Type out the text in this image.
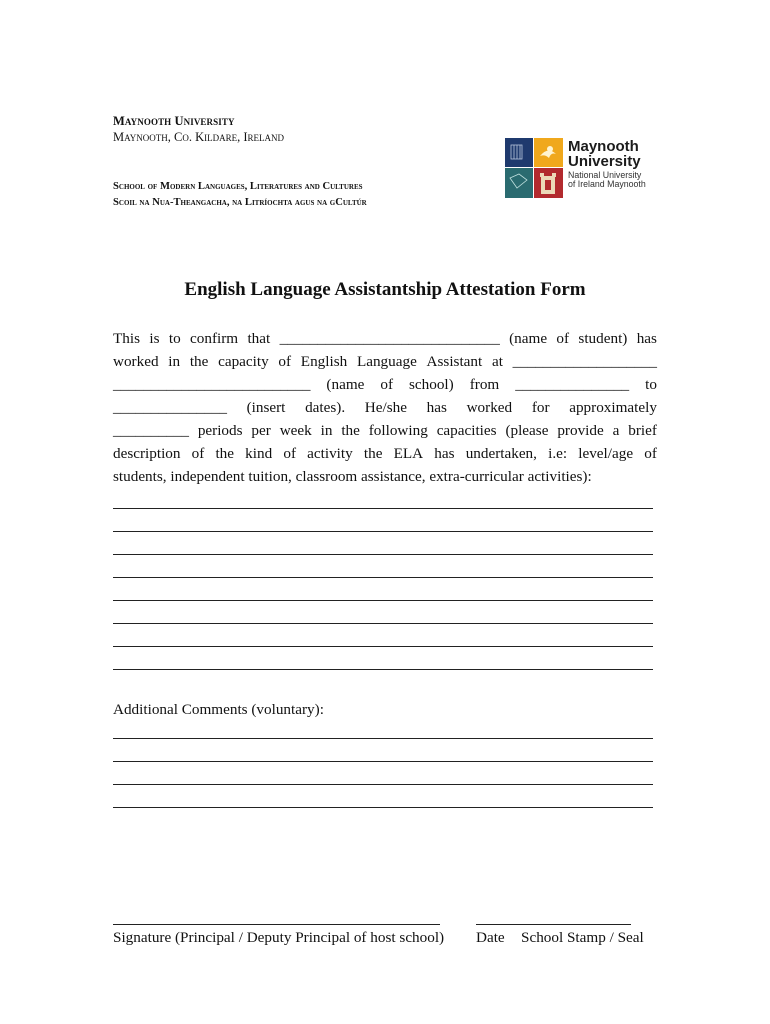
Maynooth University
Maynooth, Co. Kildare, Ireland
School of Modern Languages, Literatures and Cultures
Scoil na Nua-Theangacha, na Litríochta agus na gCultúr
Maynooth
University
National University
of Ireland Maynooth
English Language Assistantship Attestation Form
This is to confirm that _____________________________ (name of student) has
worked in the capacity of English Language Assistant at ___________________
__________________________ (name of school) from _______________ to
_______________ (insert dates). He/she has worked for approximately
__________ periods per week in the following capacities (please provide a brief
description of the kind of activity the ELA has undertaken, i.e: level/age of
students, independent tuition, classroom assistance, extra-curricular activities):
Additional Comments (voluntary):
Signature (Principal / Deputy Principal of host school) Date School Stamp / Seal
